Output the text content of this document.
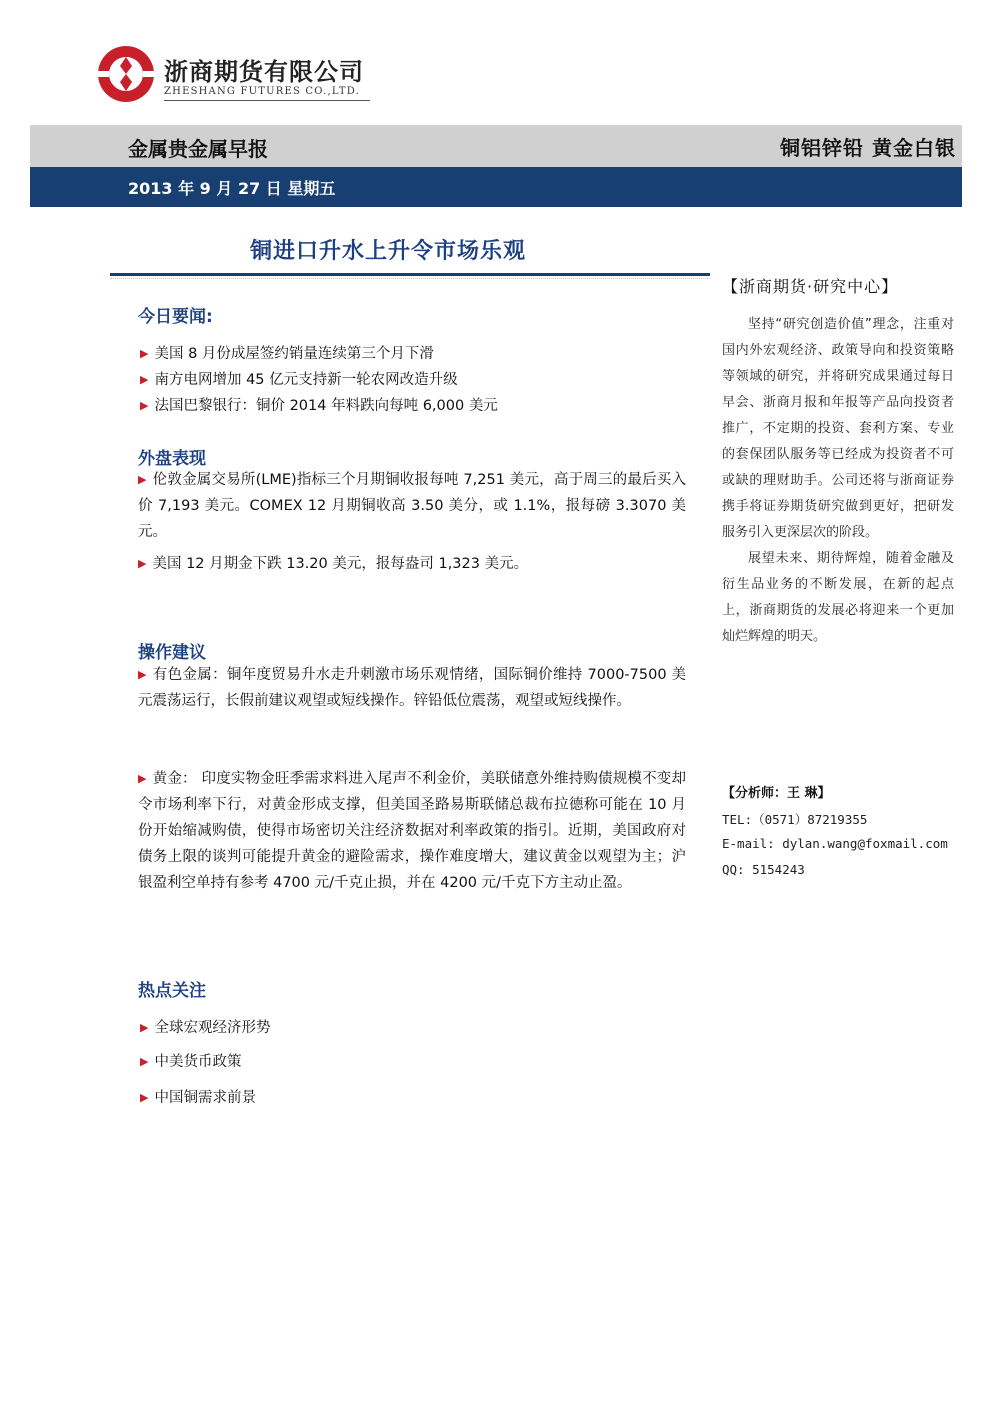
浙商期货有限公司
ZHESHANG FUTURES CO.,LTD.
金属贵金属早报	铜铝锌铅 黄金白银
2013 年 9 月 27 日 星期五
铜进口升水上升令市场乐观
今日要闻:
▶ 美国 8 月份成屋签约销量连续第三个月下滑
▶ 南方电网增加 45 亿元支持新一轮农网改造升级
▶ 法国巴黎银行：铜价 2014 年料跌向每吨 6,000 美元
外盘表现
▶ 伦敦金属交易所(LME)指标三个月期铜收报每吨 7,251 美元，高于周三的最后买入价 7,193 美元。COMEX 12 月期铜收高 3.50 美分，或 1.1%，报每磅 3.3070 美元。
▶ 美国 12 月期金下跌 13.20 美元，报每盎司 1,323 美元。
操作建议
▶ 有色金属：铜年度贸易升水走升刺激市场乐观情绪，国际铜价维持 7000-7500 美元震荡运行，长假前建议观望或短线操作。锌铅低位震荡，观望或短线操作。
▶ 黄金： 印度实物金旺季需求料进入尾声不利金价，美联储意外维持购债规模不变却令市场利率下行，对黄金形成支撑，但美国圣路易斯联储总裁布拉德称可能在 10 月份开始缩减购债，使得市场密切关注经济数据对利率政策的指引。近期，美国政府对债务上限的谈判可能提升黄金的避险需求，操作难度增大，建议黄金以观望为主；沪银盈利空单持有参考 4700 元/千克止损，并在 4200 元/千克下方主动止盈。
热点关注
▶ 全球宏观经济形势
▶ 中美货币政策
▶ 中国铜需求前景
【浙商期货·研究中心】

坚持“研究创造价值”理念，注重对国内外宏观经济、政策导向和投资策略等领域的研究，并将研究成果通过每日早会、浙商月报和年报等产品向投资者推广，不定期的投资、套利方案、专业的套保团队服务等已经成为投资者不可或缺的理财助手。公司还将与浙商证券携手将证券期货研究做到更好，把研发服务引入更深层次的阶段。

展望未来、期待辉煌，随着金融及衍生品业务的不断发展，在新的起点上，浙商期货的发展必将迎来一个更加灿烂辉煌的明天。

【分析师：王 琳】
TEL:（0571）87219355
E-mail: dylan.wang@foxmail.com
QQ: 5154243
